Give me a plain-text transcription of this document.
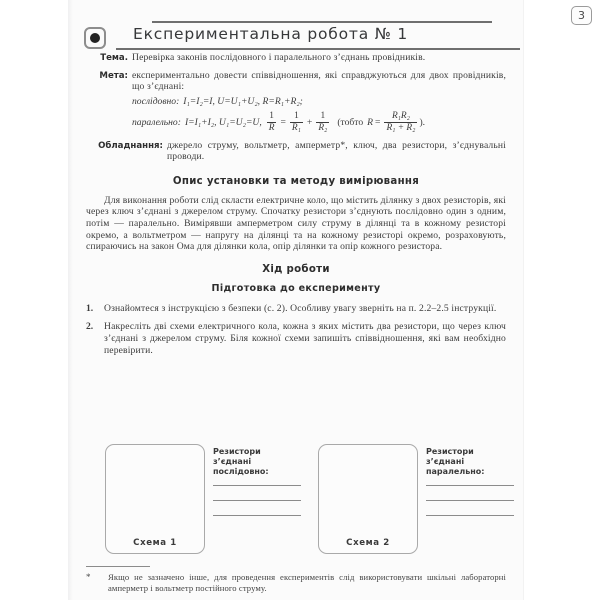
Експериментальна робота № 1
3
Тема. Перевірка законів послідовного і паралельного з’єднань провідників.
Мета: експериментально довести співвідношення, які справджуються для двох провідників, що з’єднані:
послідовно: I₁=I₂=I, U=U₁+U₂, R=R₁+R₂;
паралельно: I=I₁+I₂, U₁=U₂=U, $\frac{1}{R} = \frac{1}{\text{R₁}} + \frac{1}{\text{R₂}}$ (тобто $R = \frac{\text{R₁R₂}}{\text{R₁ + R₂}}$ ).
Обладнання: джерело струму, вольтметр, амперметр*, ключ, два резистори, з’єднувальні проводи.
Опис установки та методу вимірювання
Для виконання роботи слід скласти електричне коло, що містить ділянку з двох резисторів, які через ключ з’єднані з джерелом струму. Спочатку резистори з’єднують послідовно один з одним, потім — паралельно. Вимірявши амперметром силу струму в ділянці та в кожному резисторі окремо, а вольтметром — напругу на ділянці та на кожному резисторі окремо, розраховують, спираючись на закон Ома для ділянки кола, опір ділянки та опір кожного резистора.
Хід роботи
Підготовка до експерименту
1.	Ознайомтеся з інструкцією з безпеки (с. 2). Особливу увагу зверніть на п. 2.2–2.5 інструкції.
2.	Накресліть дві схеми електричного кола, кожна з яких містить два резистори, що через ключ з’єднані з джерелом струму. Біля кожної схеми запишіть співвідношення, які вам необхідно перевірити.
Схема 1
Резистори
з’єднані
послідовно:
Схема 2
Резистори
з’єднані
паралельно:
*	Якщо не зазначено інше, для проведення експериментів слід використовувати шкільні лабораторні амперметр і вольтметр постійного струму.
